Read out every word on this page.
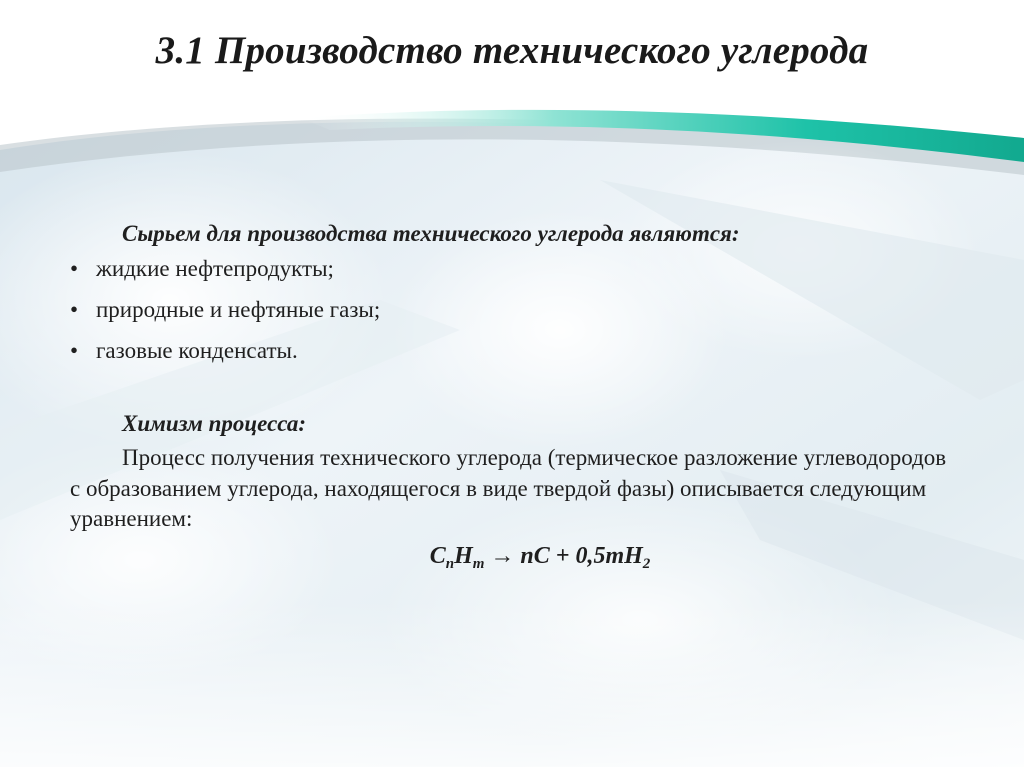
3.1 Производство технического углерода

Сырьем для производства технического углерода являются:

• жидкие нефтепродукты;
• природные и нефтяные газы;
• газовые конденсаты.

Химизм процесса:

Процесс получения технического углерода (термическое разложение углеводородов с образованием углерода, находящегося в виде твердой фазы) описывается следующим уравнением:

$C_nH_m$ → nC + $0,5mH_2$
